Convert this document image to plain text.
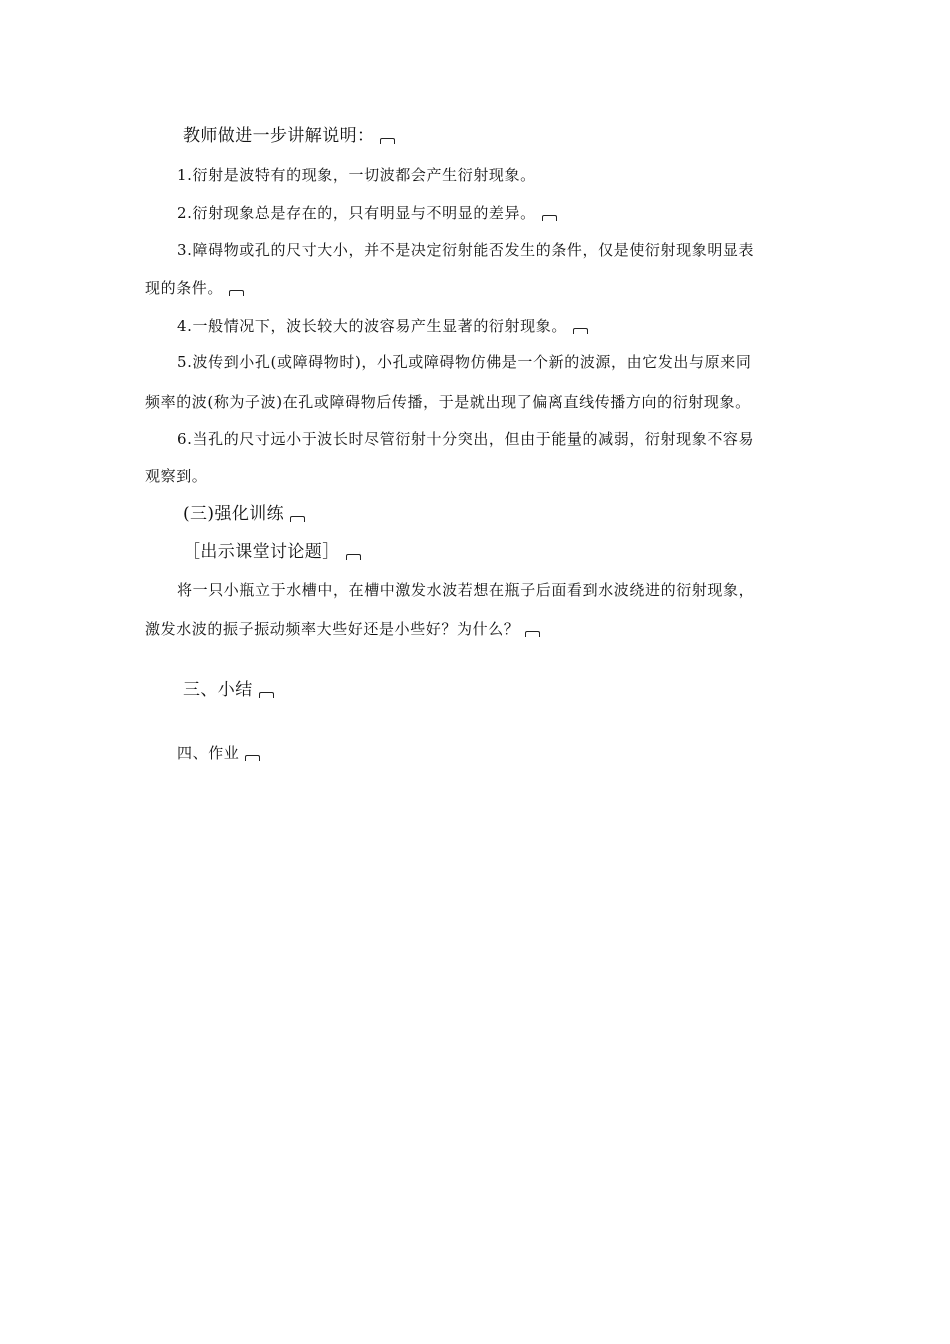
教师做进一步讲解说明：
1.衍射是波特有的现象，一切波都会产生衍射现象。
2.衍射现象总是存在的，只有明显与不明显的差异。
3.障碍物或孔的尺寸大小，并不是决定衍射能否发生的条件，仅是使衍射现象明显表
现的条件。
4.一般情况下，波长较大的波容易产生显著的衍射现象。
5.波传到小孔(或障碍物时)，小孔或障碍物仿佛是一个新的波源，由它发出与原来同
频率的波(称为子波)在孔或障碍物后传播，于是就出现了偏离直线传播方向的衍射现象。
6.当孔的尺寸远小于波长时尽管衍射十分突出，但由于能量的减弱，衍射现象不容易
观察到。
(三)强化训练
［出示课堂讨论题］
将一只小瓶立于水槽中，在槽中激发水波若想在瓶子后面看到水波绕进的衍射现象，
激发水波的振子振动频率大些好还是小些好？为什么？
三、小结
四、作业
